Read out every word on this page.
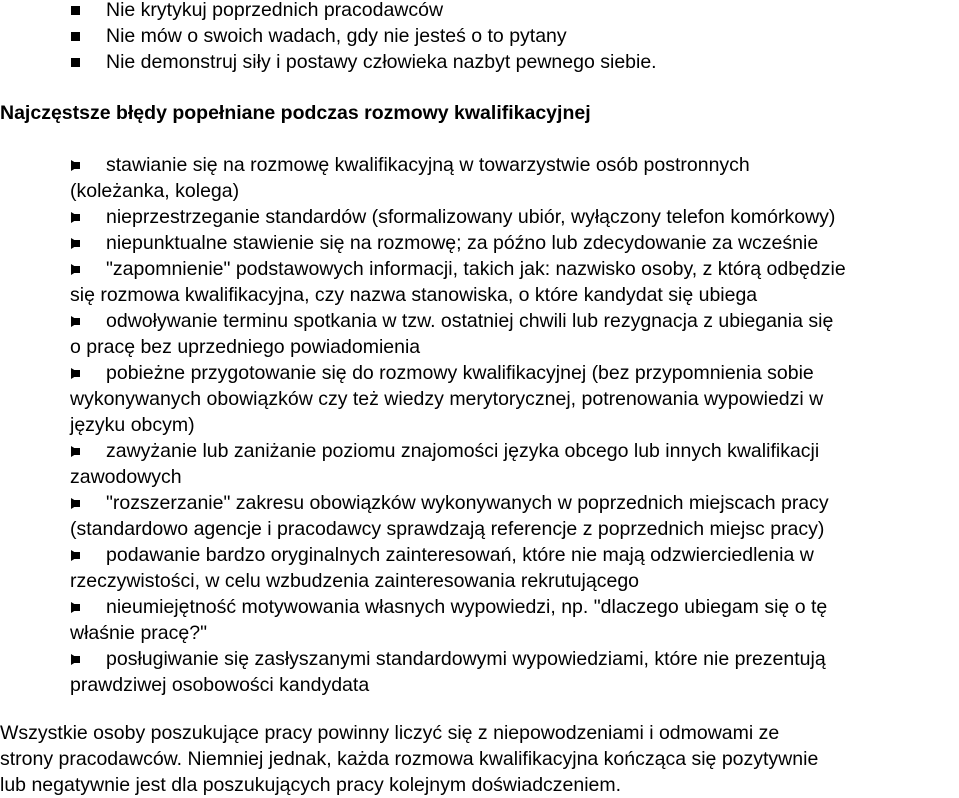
Nie krytykuj poprzednich pracodawców
Nie mów o swoich wadach, gdy nie jesteś o to pytany
Nie demonstruj siły i postawy człowieka nazbyt pewnego siebie.
Najczęstsze błędy popełniane podczas rozmowy kwalifikacyjnej
stawianie się na rozmowę kwalifikacyjną w towarzystwie osób postronnych
(koleżanka, kolega)
nieprzestrzeganie standardów (sformalizowany ubiór, wyłączony telefon komórkowy)
niepunktualne stawienie się na rozmowę; za późno lub zdecydowanie za wcześnie
"zapomnienie" podstawowych informacji, takich jak: nazwisko osoby, z którą odbędzie
się rozmowa kwalifikacyjna, czy nazwa stanowiska, o które kandydat się ubiega
odwoływanie terminu spotkania w tzw. ostatniej chwili lub rezygnacja z ubiegania się
o pracę bez uprzedniego powiadomienia
pobieżne przygotowanie się do rozmowy kwalifikacyjnej (bez przypomnienia sobie
wykonywanych obowiązków czy też wiedzy merytorycznej, potrenowania wypowiedzi w
języku obcym)
zawyżanie lub zaniżanie poziomu znajomości języka obcego lub innych kwalifikacji
zawodowych
"rozszerzanie" zakresu obowiązków wykonywanych w poprzednich miejscach pracy
(standardowo agencje i pracodawcy sprawdzają referencje z poprzednich miejsc pracy)
podawanie bardzo oryginalnych zainteresowań, które nie mają odzwierciedlenia w
rzeczywistości, w celu wzbudzenia zainteresowania rekrutującego
nieumiejętność motywowania własnych wypowiedzi, np. "dlaczego ubiegam się o tę
właśnie pracę?"
posługiwanie się zasłyszanymi standardowymi wypowiedziami, które nie prezentują
prawdziwej osobowości kandydata
Wszystkie osoby poszukujące pracy powinny liczyć się z niepowodzeniami i odmowami ze
strony pracodawców. Niemniej jednak, każda rozmowa kwalifikacyjna kończąca się pozytywnie
lub negatywnie jest dla poszukujących pracy kolejnym doświadczeniem.
